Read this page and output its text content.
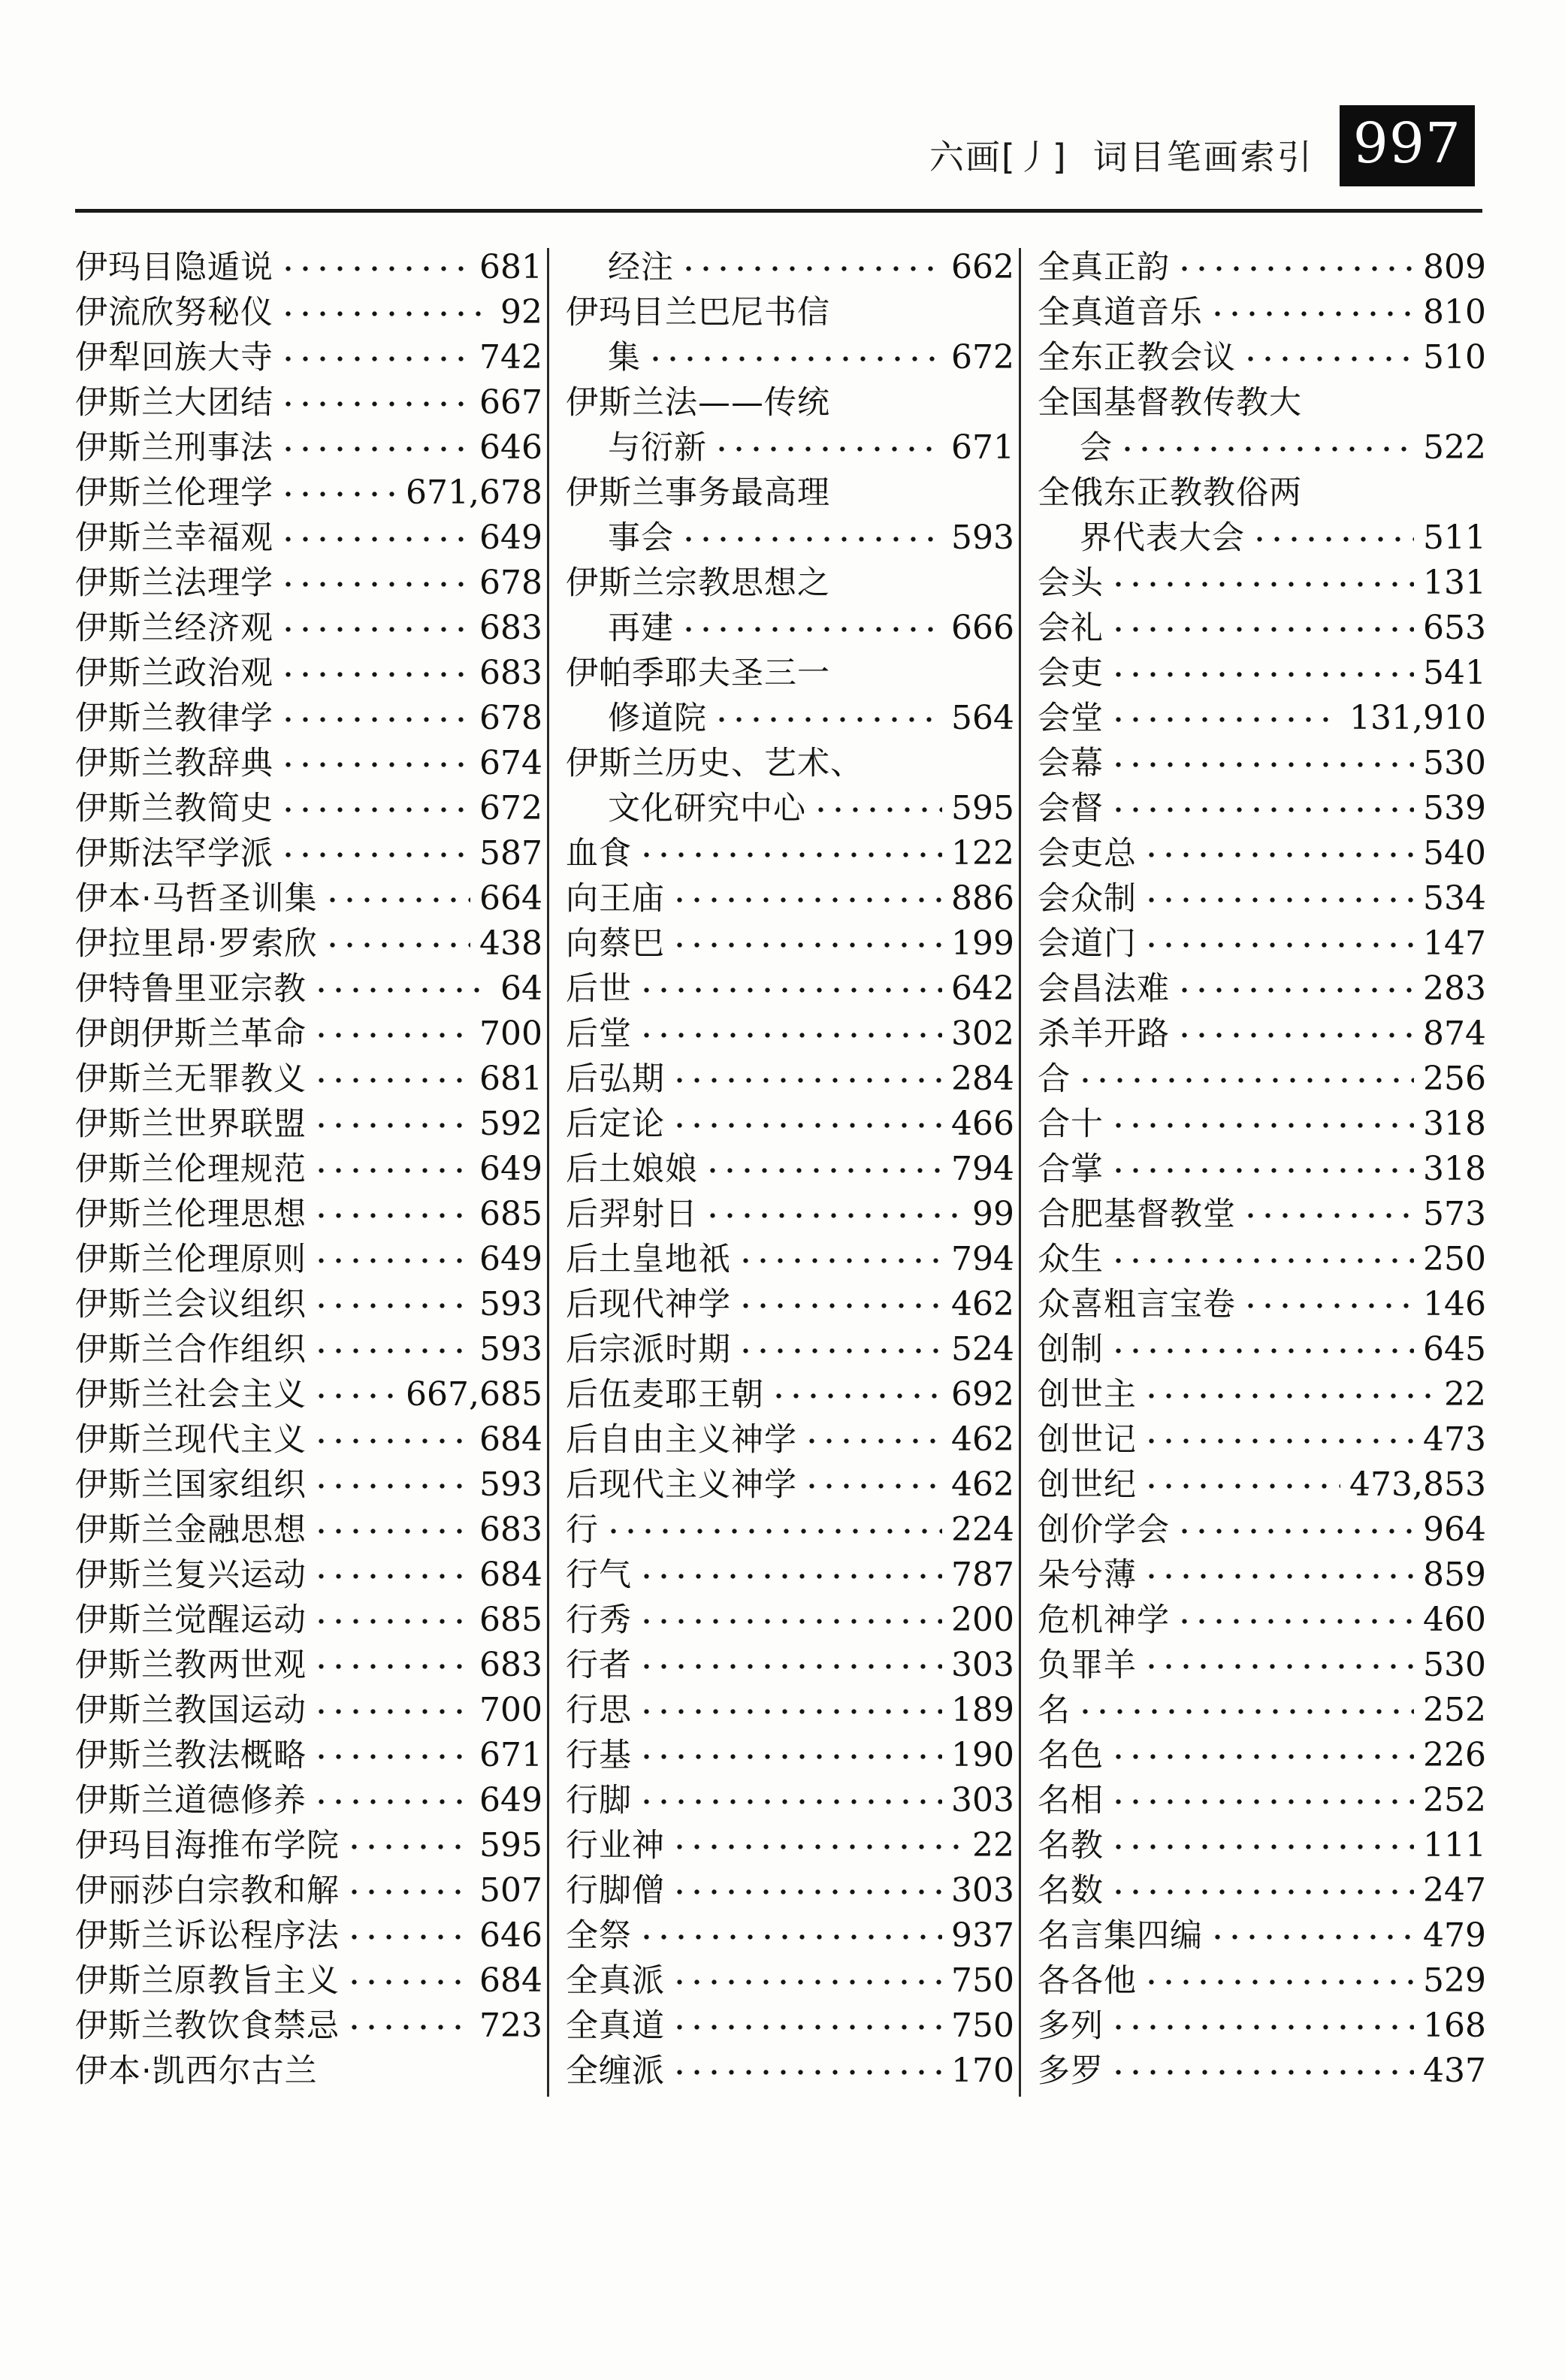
六画[丿] 词目笔画索引 997
伊玛目隐遁说	681
伊流欣努秘仪	92
伊犁回族大寺	742
伊斯兰大团结	667
伊斯兰刑事法	646
伊斯兰伦理学	671,678
伊斯兰幸福观	649
伊斯兰法理学	678
伊斯兰经济观	683
伊斯兰政治观	683
伊斯兰教律学	678
伊斯兰教辞典	674
伊斯兰教简史	672
伊斯法罕学派	587
伊本·马哲圣训集	664
伊拉里昂·罗索欣	438
伊特鲁里亚宗教	64
伊朗伊斯兰革命	700
伊斯兰无罪教义	681
伊斯兰世界联盟	592
伊斯兰伦理规范	649
伊斯兰伦理思想	685
伊斯兰伦理原则	649
伊斯兰会议组织	593
伊斯兰合作组织	593
伊斯兰社会主义	667,685
伊斯兰现代主义	684
伊斯兰国家组织	593
伊斯兰金融思想	683
伊斯兰复兴运动	684
伊斯兰觉醒运动	685
伊斯兰教两世观	683
伊斯兰教国运动	700
伊斯兰教法概略	671
伊斯兰道德修养	649
伊玛目海推布学院	595
伊丽莎白宗教和解	507
伊斯兰诉讼程序法	646
伊斯兰原教旨主义	684
伊斯兰教饮食禁忌	723
伊本·凯西尔古兰
经注	662
伊玛目兰巴尼书信
集	672
伊斯兰法——传统
与衍新	671
伊斯兰事务最高理
事会	593
伊斯兰宗教思想之
再建	666
伊帕季耶夫圣三一
修道院	564
伊斯兰历史、艺术、
文化研究中心	595
血食	122
向王庙	886
向蔡巴	199
后世	642
后堂	302
后弘期	284
后定论	466
后土娘娘	794
后羿射日	99
后土皇地祇	794
后现代神学	462
后宗派时期	524
后伍麦耶王朝	692
后自由主义神学	462
后现代主义神学	462
行	224
行气	787
行秀	200
行者	303
行思	189
行基	190
行脚	303
行业神	22
行脚僧	303
全祭	937
全真派	750
全真道	750
全缠派	170
全真正韵	809
全真道音乐	810
全东正教会议	510
全国基督教传教大
会	522
全俄东正教教俗两
界代表大会	511
会头	131
会礼	653
会吏	541
会堂	131,910
会幕	530
会督	539
会吏总	540
会众制	534
会道门	147
会昌法难	283
杀羊开路	874
合	256
合十	318
合掌	318
合肥基督教堂	573
众生	250
众喜粗言宝卷	146
创制	645
创世主	22
创世记	473
创世纪	473,853
创价学会	964
朵兮薄	859
危机神学	460
负罪羊	530
名	252
名色	226
名相	252
名教	111
名数	247
名言集四编	479
各各他	529
多列	168
多罗	437
